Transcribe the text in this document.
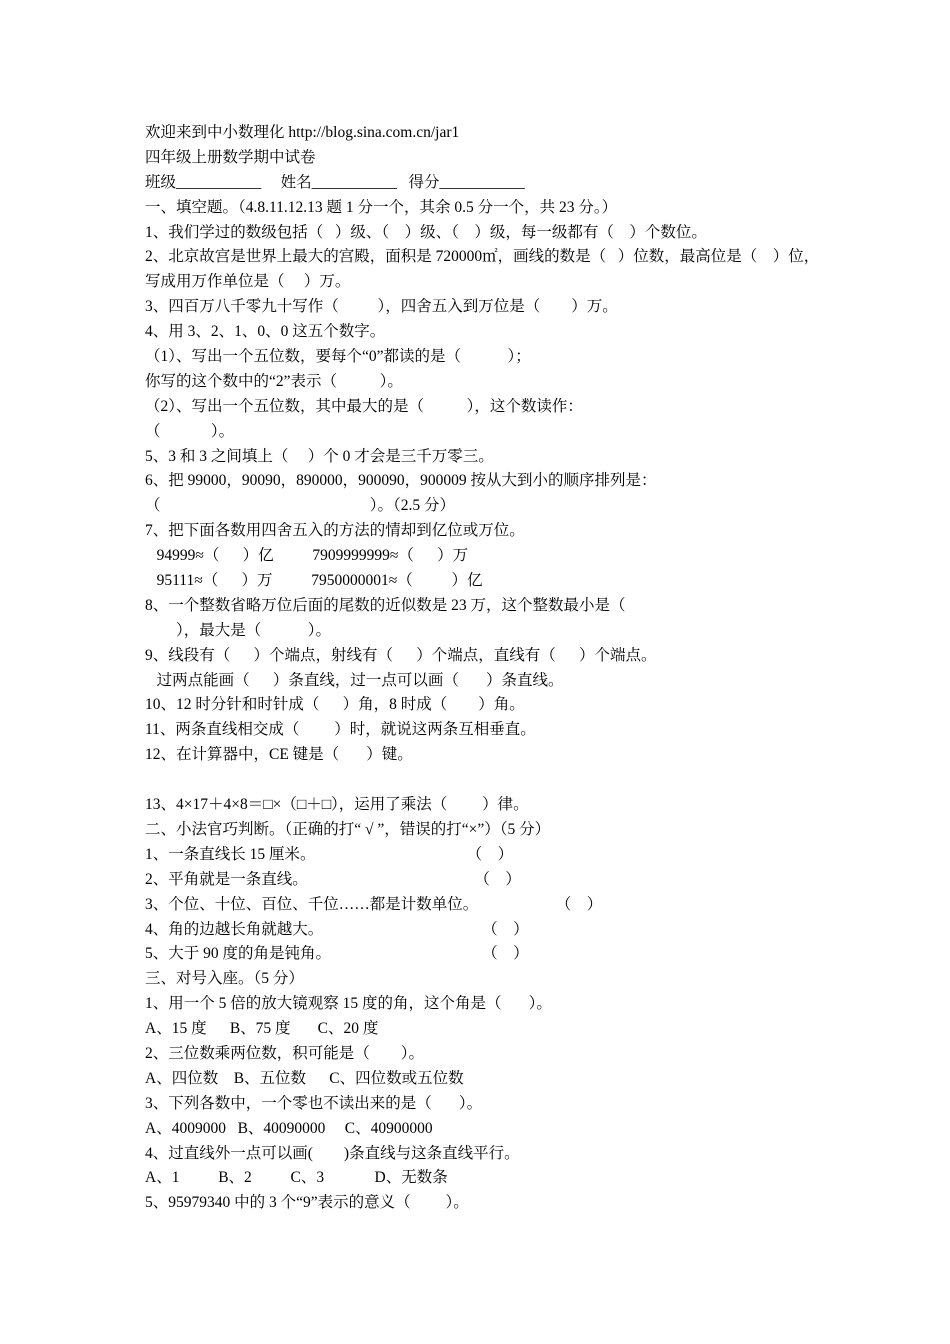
欢迎来到中小数理化 http://blog.sina.com.cn/jar1
四年级上册数学期中试卷
班级___________     姓名___________   得分___________
一、填空题。（4.8.11.12.13 题 1 分一个，其余 0.5 分一个，共 23 分。）
1、我们学过的数级包括（   ）级、（    ）级、（    ）级，每一级都有（    ）个数位。
2、北京故宫是世界上最大的宫殿，面积是 720000㎡，画线的数是（   ）位数，最高位是（    ）位，
写成用万作单位是（     ）万。
3、四百万八千零九十写作（          ），四舍五入到万位是（        ）万。
4、用 3、2、1、0、0 这五个数字。
（1）、写出一个五位数，要每个“0”都读的是（            ）；
你写的这个数中的“2”表示（           ）。
（2）、写出一个五位数，其中最大的是（           ），这个数读作：
（             ）。
5、3 和 3 之间填上（     ）个 0 才会是三千万零三。
6、把 99000，90090，890000，900090，900009 按从大到小的顺序排列是：
（                                                      ）。（2.5 分）
7、把下面各数用四舍五入的方法的情却到亿位或万位。
94999≈（      ）亿          7909999999≈（      ）万
95111≈（      ）万          7950000001≈（          ）亿
8、一个整数省略万位后面的尾数的近似数是 23 万，这个整数最小是（
），最大是（            ）。
9、线段有（      ）个端点，射线有（      ）个端点，直线有（      ）个端点。
过两点能画（      ）条直线，过一点可以画（       ）条直线。
10、12 时分针和时针成（      ）角，8 时成（        ）角。
11、两条直线相交成（         ）时，就说这两条互相垂直。
12、在计算器中，CE 键是（       ）键。
13、4×17＋4×8＝□×（□＋□），运用了乘法（         ）律。
二、小法官巧判断。（正确的打“ √ ”，错误的打“×”）（5 分）
1、一条直线长 15 厘米。                                       （    ）
2、平角就是一条直线。                                           （    ）
3、个位、十位、百位、千位……都是计数单位。                    （    ）
4、角的边越长角就越大。                                         （    ）
5、大于 90 度的角是钝角。                                       （    ）
三、对号入座。（5 分）
1、用一个 5 倍的放大镜观察 15 度的角，这个角是（       ）。
A、15 度      B、75 度       C、20 度
2、三位数乘两位数，积可能是（        ）。
A、四位数    B、五位数      C、四位数或五位数
3、下列各数中，一个零也不读出来的是（       ）。
A、4009000   B、40090000     C、40900000
4、过直线外一点可以画(        )条直线与这条直线平行。
A、1          B、2          C、3             D、无数条
5、95979340 中的 3 个“9”表示的意义（         ）。
